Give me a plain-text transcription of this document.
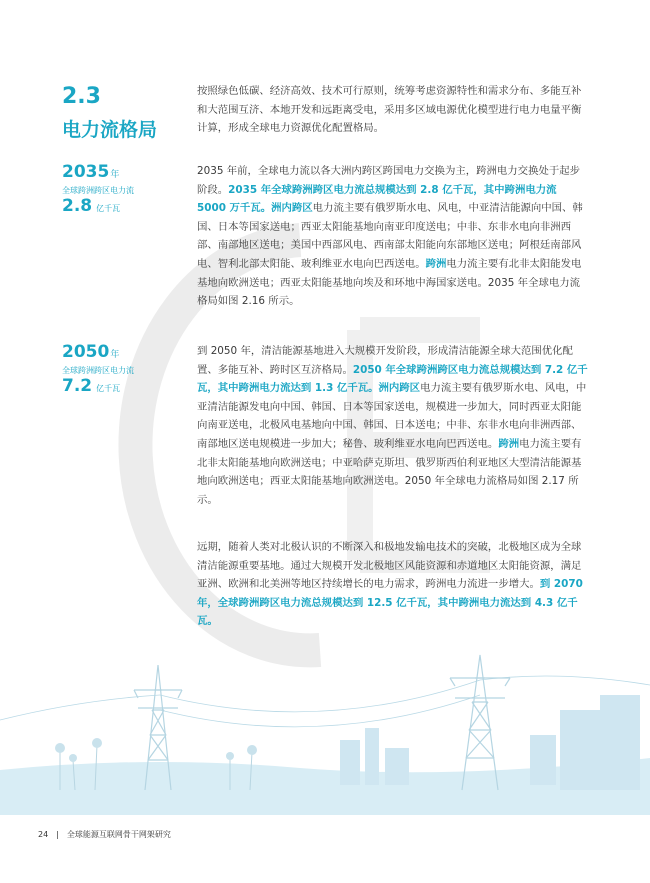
2.3
电力流格局
2035年
全球跨洲跨区电力流
2.8 亿千瓦
2050年
全球跨洲跨区电力流
7.2 亿千瓦
按照绿色低碳、经济高效、技术可行原则，统筹考虑资源特性和需求分布、多能互补和大范围互济、本地开发和远距离受电，采用多区域电源优化模型进行电力电量平衡计算，形成全球电力资源优化配置格局。
2035 年前，全球电力流以各大洲内跨区跨国电力交换为主，跨洲电力交换处于起步阶段。2035 年全球跨洲跨区电力流总规模达到 2.8 亿千瓦，其中跨洲电力流 5000 万千瓦。洲内跨区电力流主要有俄罗斯水电、风电，中亚清洁能源向中国、韩国、日本等国家送电；西亚太阳能基地向南亚印度送电；中非、东非水电向非洲西部、南部地区送电；美国中西部风电、西南部太阳能向东部地区送电；阿根廷南部风电、智利北部太阳能、玻利维亚水电向巴西送电。跨洲电力流主要有北非太阳能发电基地向欧洲送电；西亚太阳能基地向埃及和环地中海国家送电。2035 年全球电力流格局如图 2.16 所示。
到 2050 年，清洁能源基地进入大规模开发阶段，形成清洁能源全球大范围优化配置、多能互补、跨时区互济格局。2050 年全球跨洲跨区电力流总规模达到 7.2 亿千瓦，其中跨洲电力流达到 1.3 亿千瓦。洲内跨区电力流主要有俄罗斯水电、风电，中亚清洁能源发电向中国、韩国、日本等国家送电，规模进一步加大，同时西亚太阳能向南亚送电，北极风电基地向中国、韩国、日本送电；中非、东非水电向非洲西部、南部地区送电规模进一步加大；秘鲁、玻利维亚水电向巴西送电。跨洲电力流主要有北非太阳能基地向欧洲送电；中亚哈萨克斯坦、俄罗斯西伯利亚地区大型清洁能源基地向欧洲送电；西亚太阳能基地向欧洲送电。2050 年全球电力流格局如图 2.17 所示。
远期，随着人类对北极认识的不断深入和极地发输电技术的突破，北极地区成为全球清洁能源重要基地。通过大规模开发北极地区风能资源和赤道地区太阳能资源，满足亚洲、欧洲和北美洲等地区持续增长的电力需求，跨洲电力流进一步增大。到 2070 年，全球跨洲跨区电力流总规模达到 12.5 亿千瓦，其中跨洲电力流达到 4.3 亿千瓦。
24 | 全球能源互联网骨干网架研究
